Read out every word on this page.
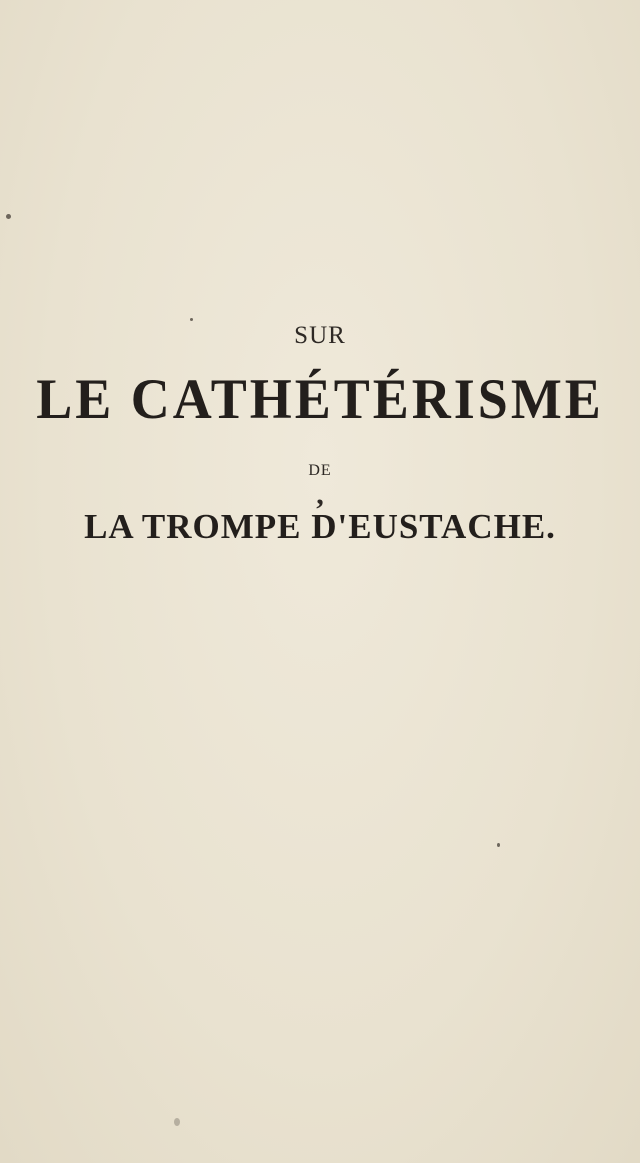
SUR
LE CATHÉTÉRISME
DE
,
LA TROMPE D'EUSTACHE.
